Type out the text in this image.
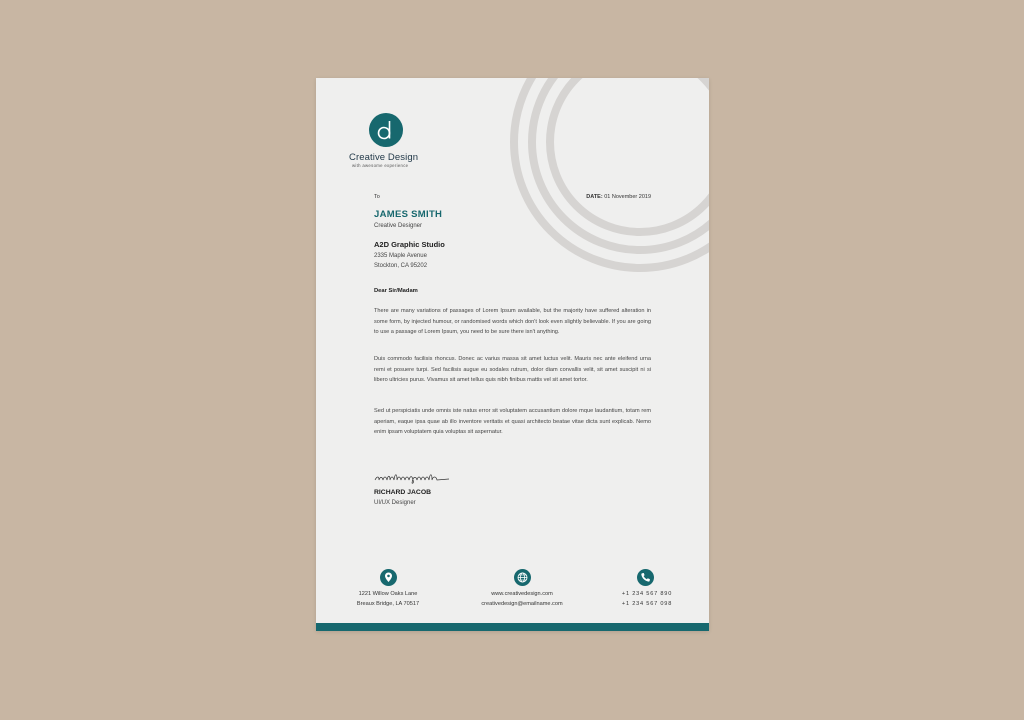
Creative Design
with awesome experience
To	DATE: 01 November 2019
JAMES SMITH
Creative Designer
A2D Graphic Studio
2335 Maple Avenue
Stockton, CA 95202
Dear Sir/Madam

There are many variations of passages of Lorem Ipsum available, but the majority have suffered alteration in some form, by injected humour, or randomised words which don't look even slightly believable. If you are going to use a passage of Lorem Ipsum, you need to be sure there isn't anything.

Duis commodo facilisis rhoncus. Donec ac varius massa sit amet luctus velit. Mauris nec ante eleifend urna remi et posuere turpi. Sed facilisis augue eu sodales rutrum, dolor diam convallis velit, sit amet suscipit ni si libero ultricies purus. Vivamus sit amet tellus quis nibh finibus mattis vel sit amet tortor.

Sed ut perspiciatis unde omnis iste natus error sit voluptatem accusantium dolore mque laudantium, totam rem aperiam, eaque ipsa quae ab illo inventore veritatis et quasi architecto beatae vitae dicta sunt explicab. Nemo enim ipsam voluptatem quia voluptas sit aspernatur.

RICHARD JACOB
UI/UX Designer
1221 Willow Oaks Lane
Breaux Bridge, LA 70517
www.creativedesign.com
creativedesign@emailname.com
+1 234 567 890
+1 234 567 098
